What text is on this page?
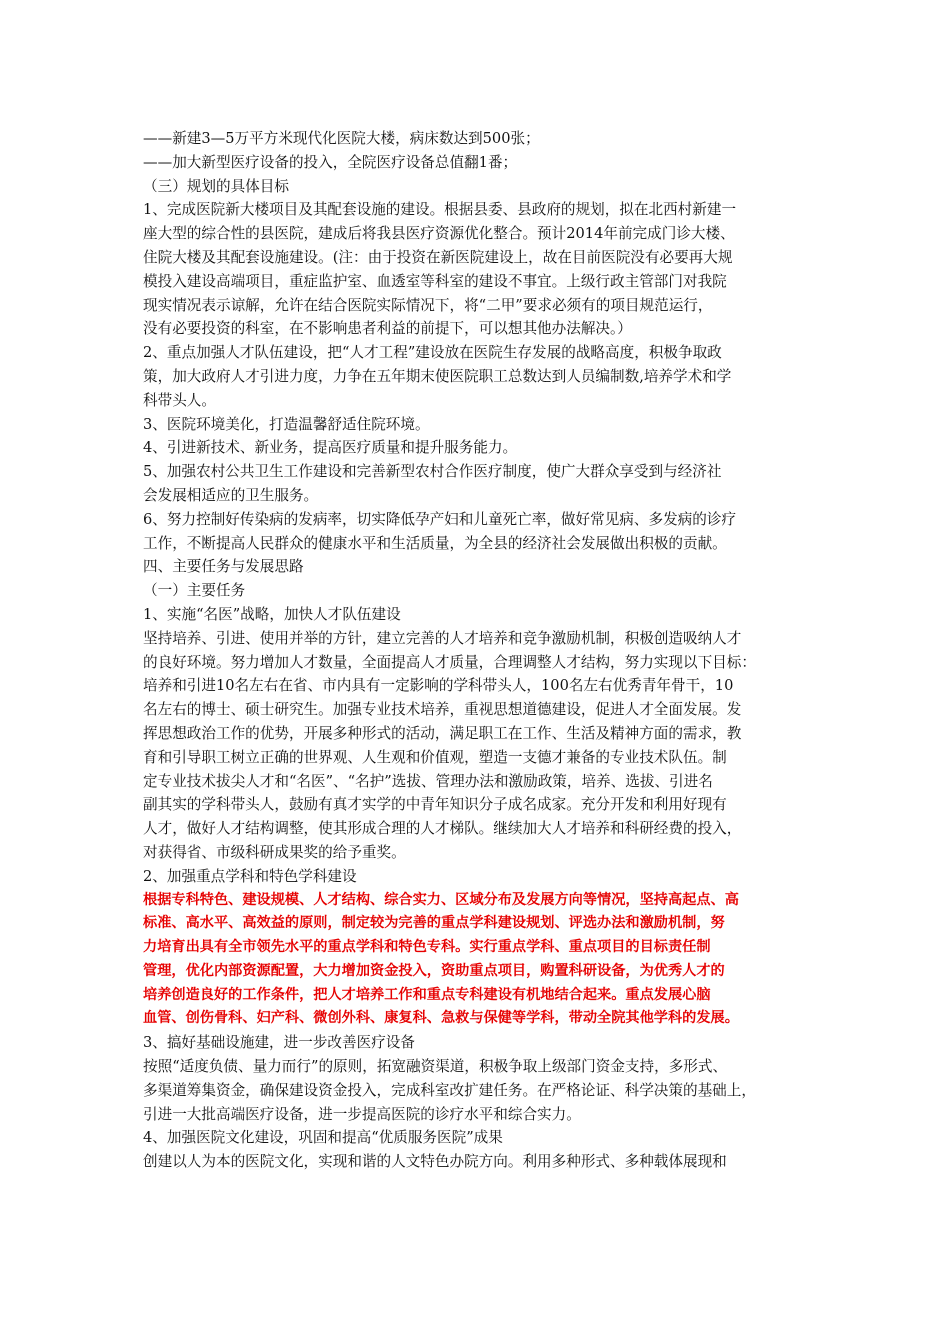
——新建3—5万平方米现代化医院大楼，病床数达到500张；
——加大新型医疗设备的投入，全院医疗设备总值翻1番；
（三）规划的具体目标
1、完成医院新大楼项目及其配套设施的建设。根据县委、县政府的规划，拟在北西村新建一
座大型的综合性的县医院，建成后将我县医疗资源优化整合。预计2014年前完成门诊大楼、
住院大楼及其配套设施建设。(注：由于投资在新医院建设上，故在目前医院没有必要再大规
模投入建设高端项目，重症监护室、血透室等科室的建设不事宜。上级行政主管部门对我院
现实情况表示谅解，允许在结合医院实际情况下，将“二甲”要求必须有的项目规范运行，
没有必要投资的科室，在不影响患者利益的前提下，可以想其他办法解决。）
2、重点加强人才队伍建设，把“人才工程”建设放在医院生存发展的战略高度，积极争取政
策，加大政府人才引进力度，力争在五年期末使医院职工总数达到人员编制数,培养学术和学
科带头人。
3、医院环境美化，打造温馨舒适住院环境。
4、引进新技术、新业务，提高医疗质量和提升服务能力。
5、加强农村公共卫生工作建设和完善新型农村合作医疗制度，使广大群众享受到与经济社
会发展相适应的卫生服务。
6、努力控制好传染病的发病率，切实降低孕产妇和儿童死亡率，做好常见病、多发病的诊疗
工作，不断提高人民群众的健康水平和生活质量，为全县的经济社会发展做出积极的贡献。
四、主要任务与发展思路
（一）主要任务
1、实施“名医”战略，加快人才队伍建设
坚持培养、引进、使用并举的方针，建立完善的人才培养和竞争激励机制，积极创造吸纳人才
的良好环境。努力增加人才数量，全面提高人才质量，合理调整人才结构，努力实现以下目标：
培养和引进10名左右在省、市内具有一定影响的学科带头人，100名左右优秀青年骨干，10
名左右的博士、硕士研究生。加强专业技术培养，重视思想道德建设，促进人才全面发展。发
挥思想政治工作的优势，开展多种形式的活动，满足职工在工作、生活及精神方面的需求，教
育和引导职工树立正确的世界观、人生观和价值观，塑造一支德才兼备的专业技术队伍。制
定专业技术拔尖人才和“名医”、“名护”选拔、管理办法和激励政策，培养、选拔、引进名
副其实的学科带头人，鼓励有真才实学的中青年知识分子成名成家。充分开发和利用好现有
人才，做好人才结构调整，使其形成合理的人才梯队。继续加大人才培养和科研经费的投入，
对获得省、市级科研成果奖的给予重奖。
2、加强重点学科和特色学科建设
根据专科特色、建设规模、人才结构、综合实力、区域分布及发展方向等情况，坚持高起点、高
标准、高水平、高效益的原则，制定较为完善的重点学科建设规划、评选办法和激励机制，努
力培育出具有全市领先水平的重点学科和特色专科。实行重点学科、重点项目的目标责任制
管理，优化内部资源配置，大力增加资金投入，资助重点项目，购置科研设备，为优秀人才的
培养创造良好的工作条件，把人才培养工作和重点专科建设有机地结合起来。重点发展心脑
血管、创伤骨科、妇产科、微创外科、康复科、急救与保健等学科，带动全院其他学科的发展。
3、搞好基础设施建，进一步改善医疗设备
按照“适度负债、量力而行”的原则，拓宽融资渠道，积极争取上级部门资金支持，多形式、
多渠道筹集资金，确保建设资金投入，完成科室改扩建任务。在严格论证、科学决策的基础上，
引进一大批高端医疗设备，进一步提高医院的诊疗水平和综合实力。
4、加强医院文化建设，巩固和提高“优质服务医院”成果
创建以人为本的医院文化，实现和谐的人文特色办院方向。利用多种形式、多种载体展现和
